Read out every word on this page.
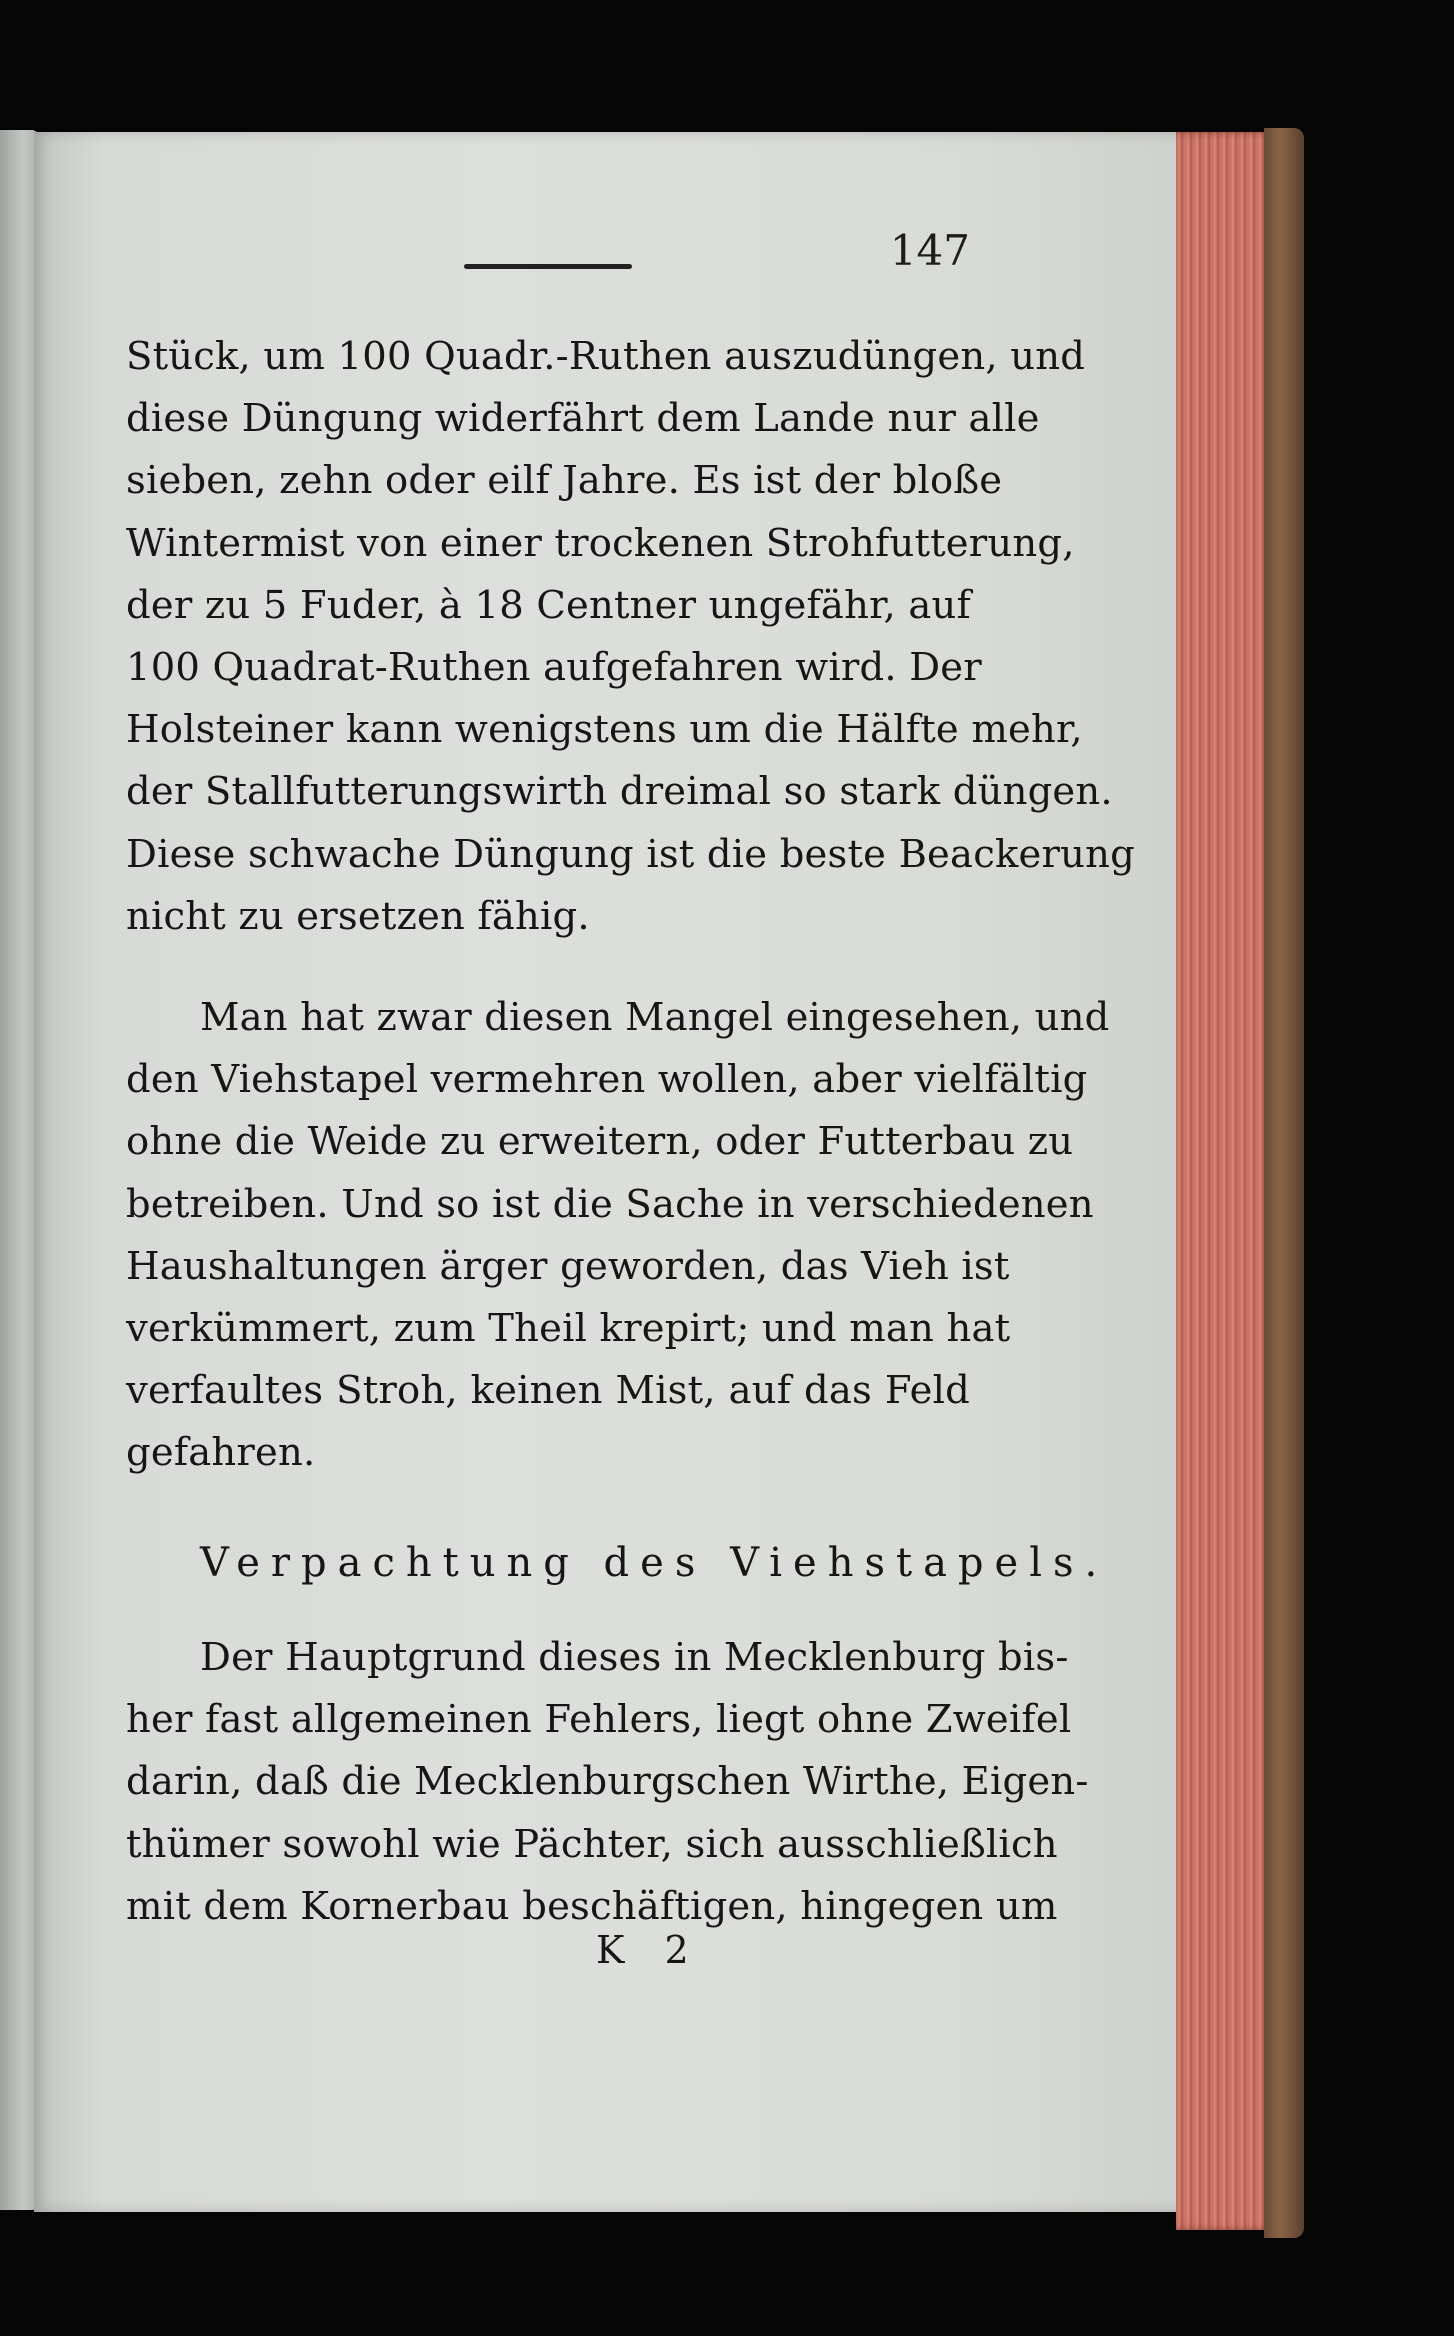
147
Stück, um 100 Quadr.-Ruthen auszudüngen, und
diese Düngung widerfährt dem Lande nur alle
sieben, zehn oder eilf Jahre. Es ist der bloße
Wintermist von einer trockenen Strohfutterung,
der zu 5 Fuder, à 18 Centner ungefähr, auf
100 Quadrat-Ruthen aufgefahren wird. Der
Holsteiner kann wenigstens um die Hälfte mehr,
der Stallfutterungswirth dreimal so stark düngen.
Diese schwache Düngung ist die beste Beackerung
nicht zu ersetzen fähig.
Man hat zwar diesen Mangel eingesehen, und
den Viehstapel vermehren wollen, aber vielfältig
ohne die Weide zu erweitern, oder Futterbau zu
betreiben. Und so ist die Sache in verschiedenen
Haushaltungen ärger geworden, das Vieh ist
verkümmert, zum Theil krepirt; und man hat
verfaultes Stroh, keinen Mist, auf das Feld
gefahren.
Verpachtung des Viehstapels.
Der Hauptgrund dieses in Mecklenburg bis-
her fast allgemeinen Fehlers, liegt ohne Zweifel
darin, daß die Mecklenburgschen Wirthe, Eigen-
thümer sowohl wie Pächter, sich ausschließlich
mit dem Kornerbau beschäftigen, hingegen um
K 2
